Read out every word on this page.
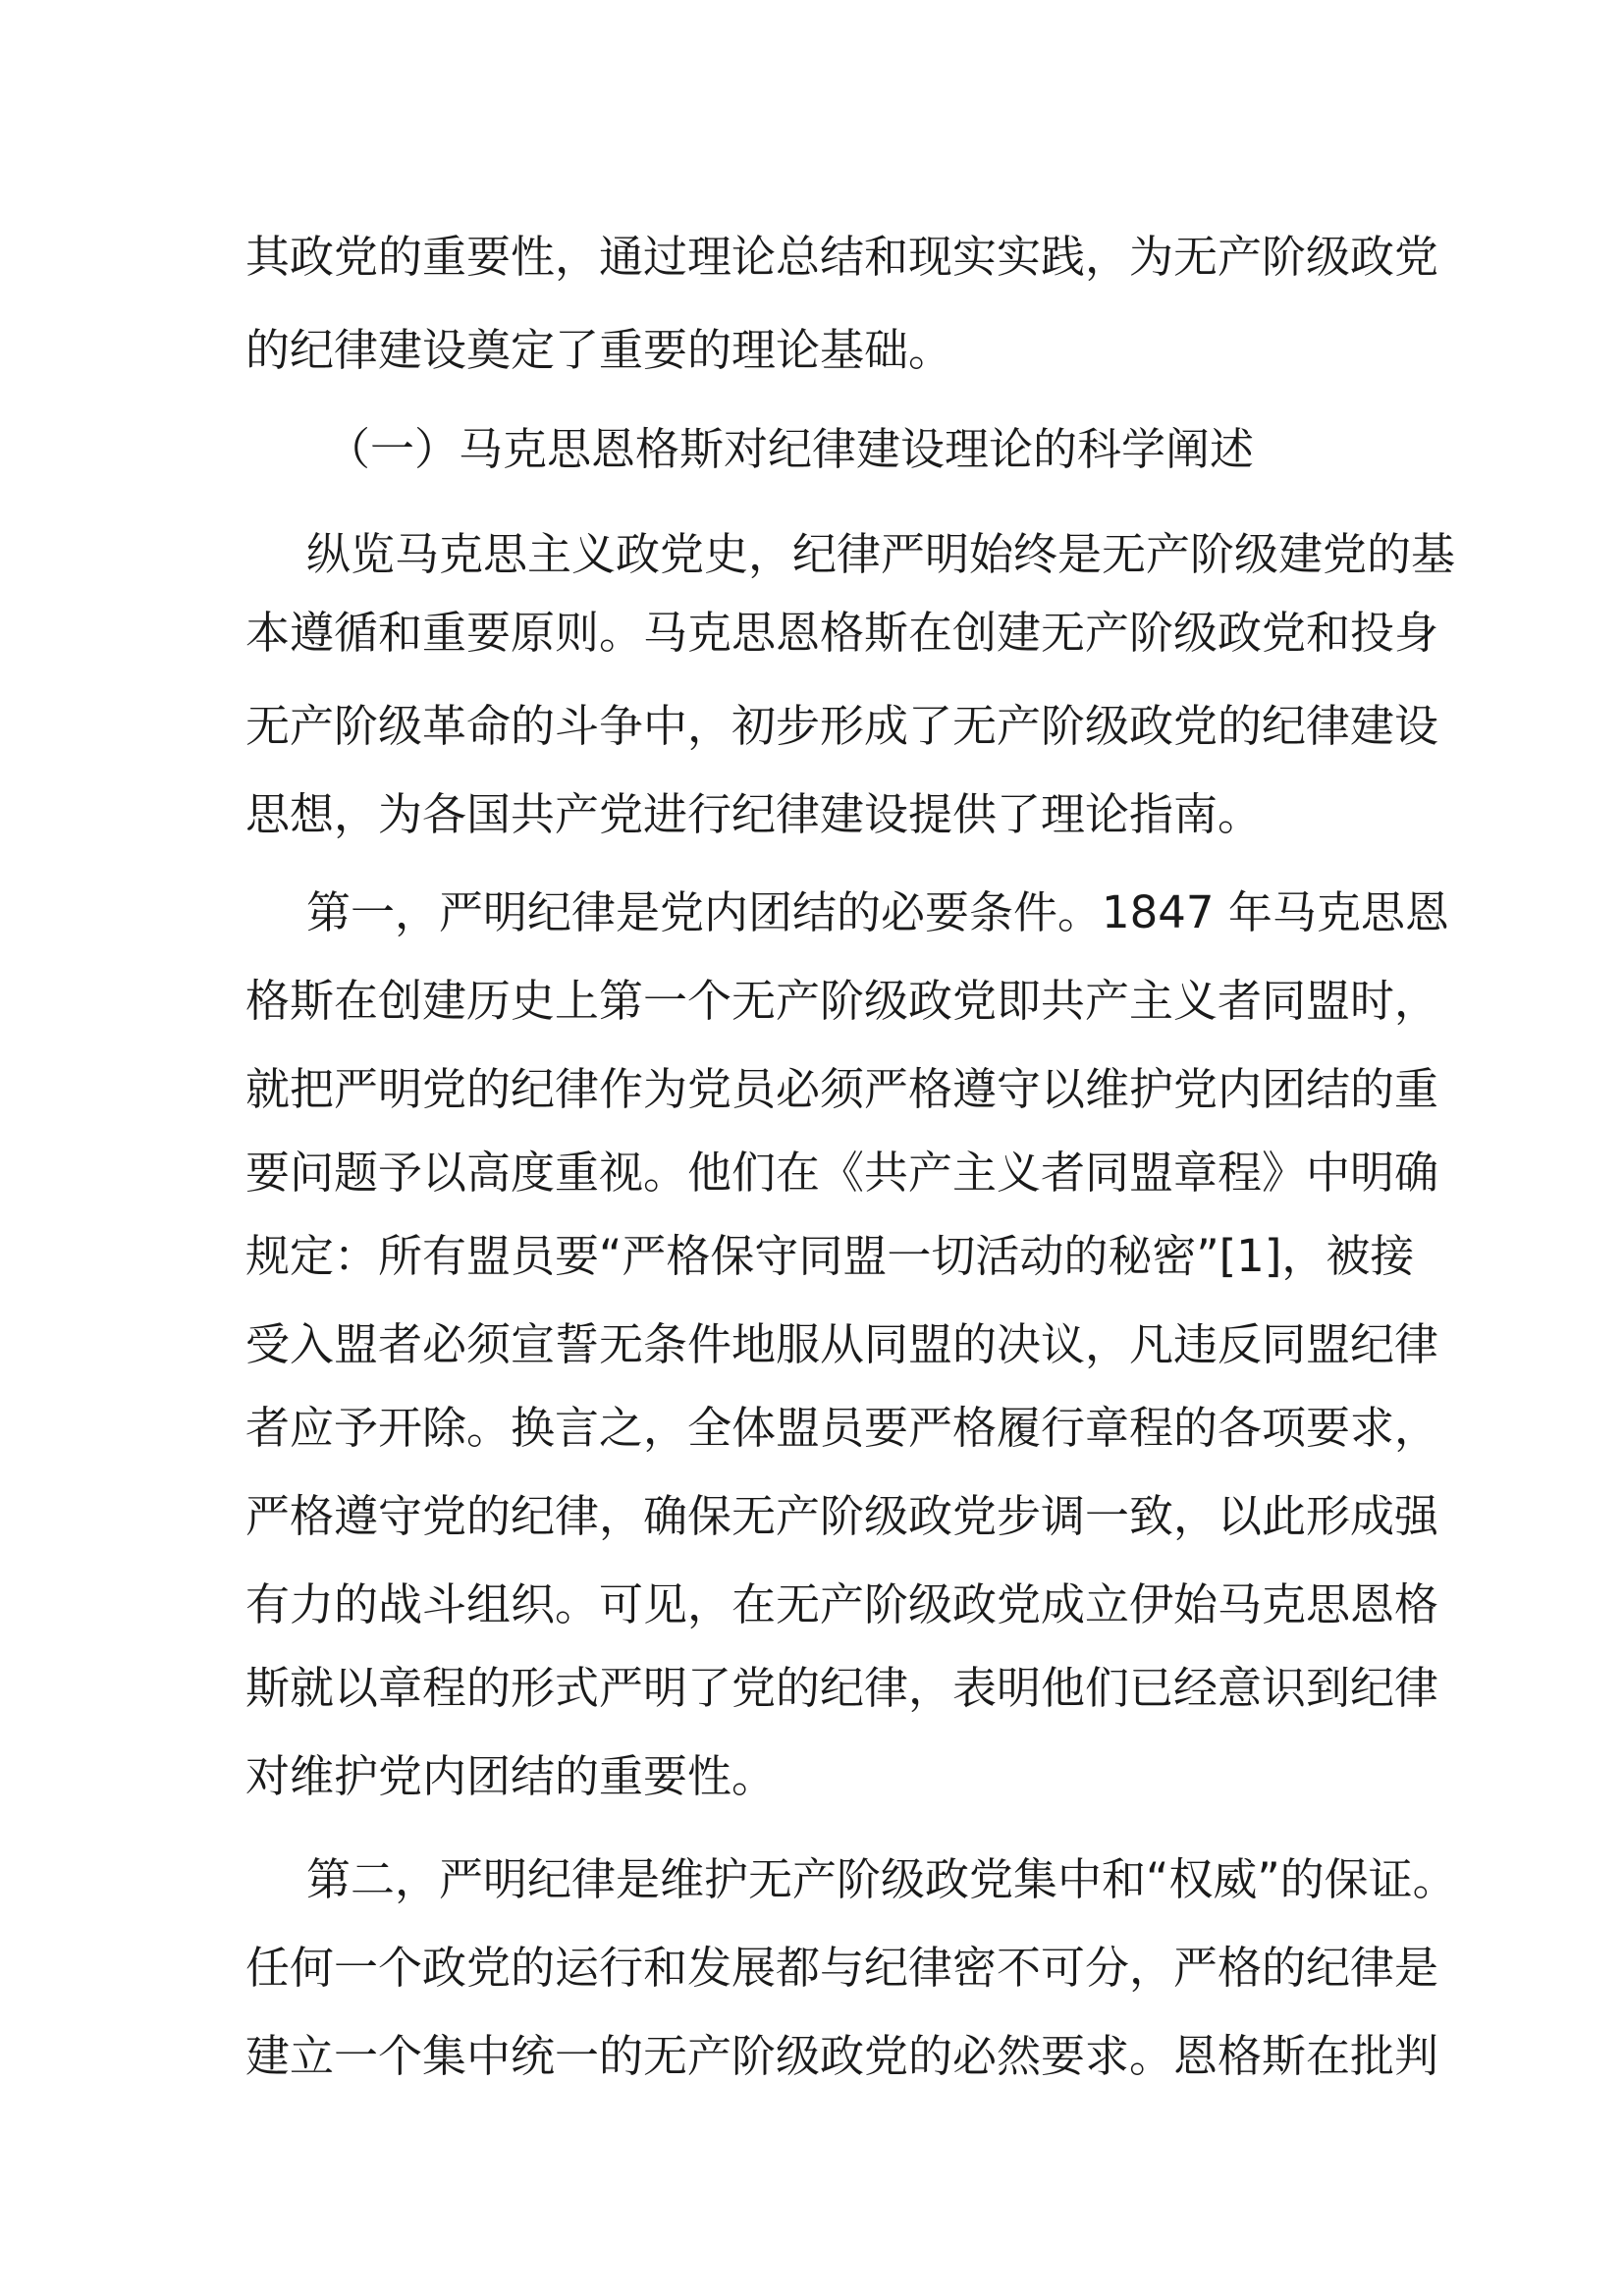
其政党的重要性，通过理论总结和现实实践，为无产阶级政党
的纪律建设奠定了重要的理论基础。
（一）马克思恩格斯对纪律建设理论的科学阐述
纵览马克思主义政党史，纪律严明始终是无产阶级建党的基
本遵循和重要原则。马克思恩格斯在创建无产阶级政党和投身
无产阶级革命的斗争中，初步形成了无产阶级政党的纪律建设
思想，为各国共产党进行纪律建设提供了理论指南。
第一，严明纪律是党内团结的必要条件。1847 年马克思恩
格斯在创建历史上第一个无产阶级政党即共产主义者同盟时，
就把严明党的纪律作为党员必须严格遵守以维护党内团结的重
要问题予以高度重视。他们在《共产主义者同盟章程》中明确
规定：所有盟员要“严格保守同盟一切活动的秘密”[1]，被接
受入盟者必须宣誓无条件地服从同盟的决议，凡违反同盟纪律
者应予开除。换言之，全体盟员要严格履行章程的各项要求，
严格遵守党的纪律，确保无产阶级政党步调一致，以此形成强
有力的战斗组织。可见，在无产阶级政党成立伊始马克思恩格
斯就以章程的形式严明了党的纪律，表明他们已经意识到纪律
对维护党内团结的重要性。
第二，严明纪律是维护无产阶级政党集中和“权威”的保证。
任何一个政党的运行和发展都与纪律密不可分，严格的纪律是
建立一个集中统一的无产阶级政党的必然要求。恩格斯在批判
